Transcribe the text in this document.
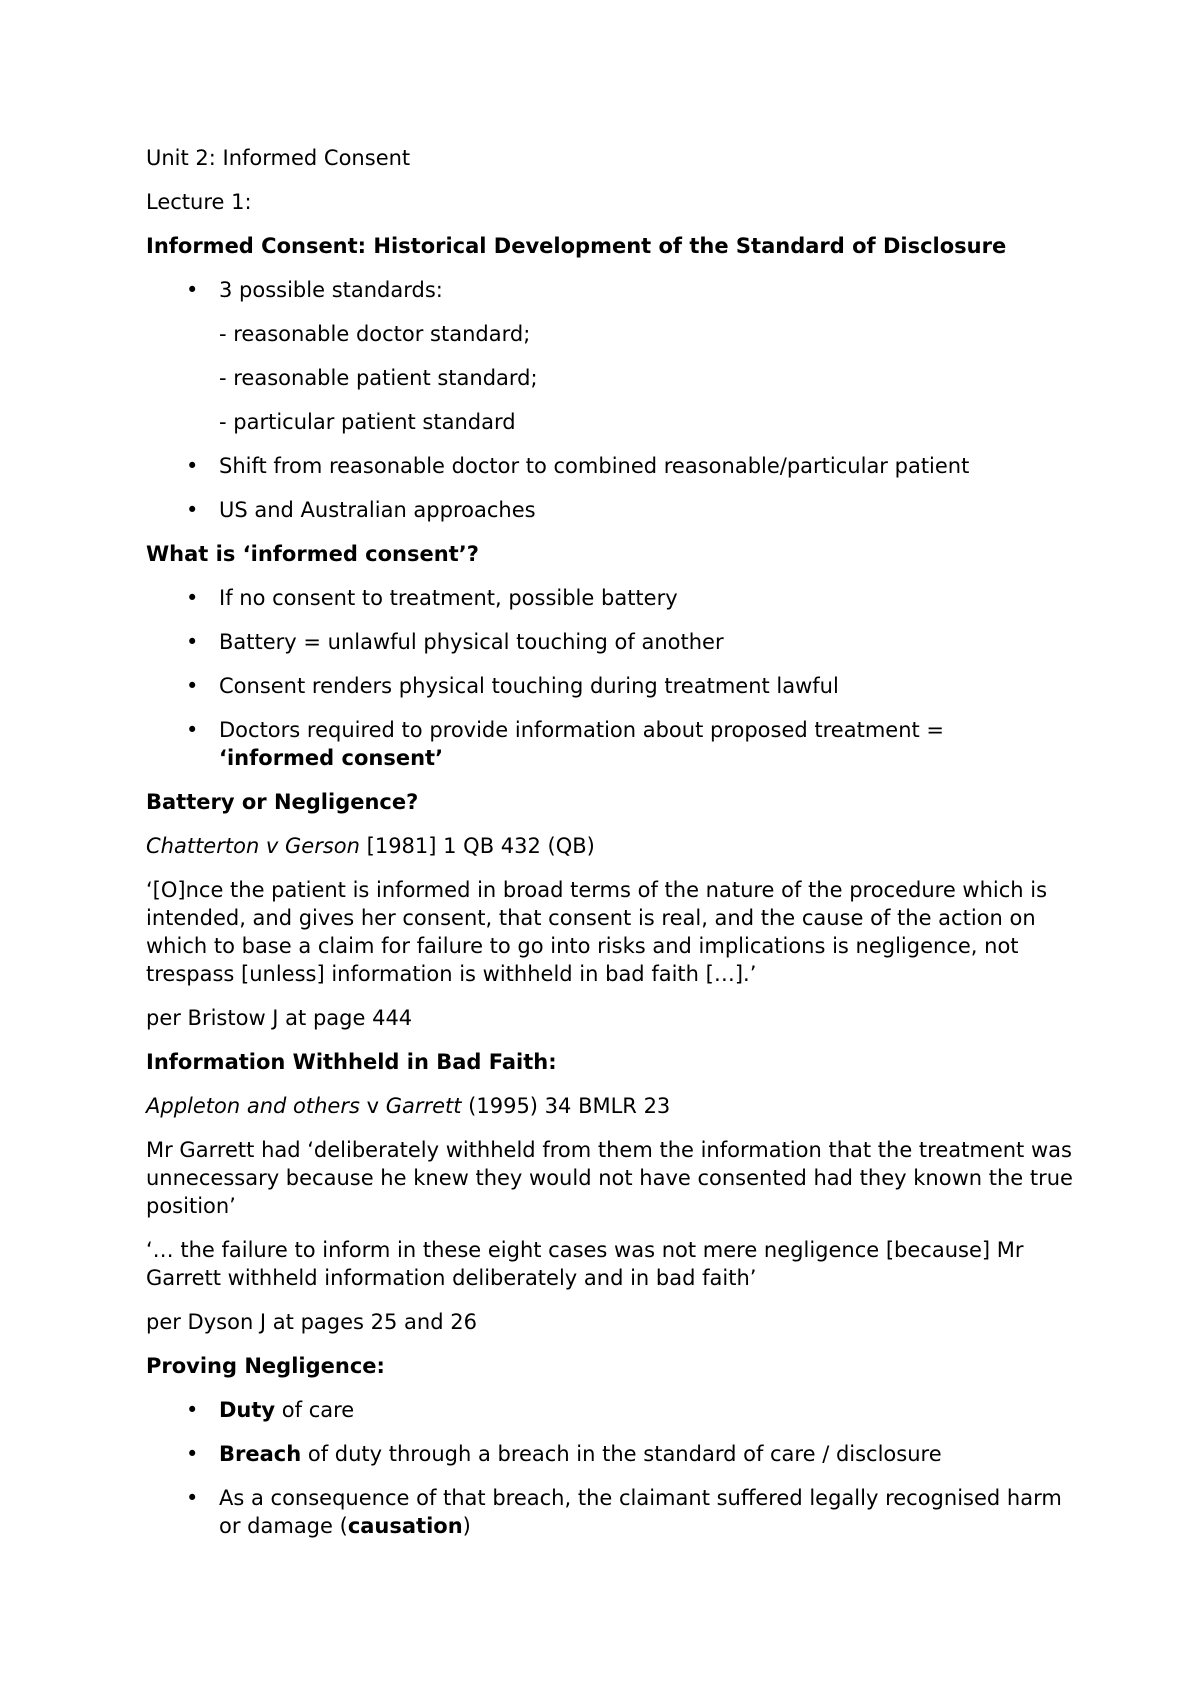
Unit 2: Informed Consent

Lecture 1:

Informed Consent: Historical Development of the Standard of Disclosure

• 3 possible standards:
- reasonable doctor standard;
- reasonable patient standard;
- particular patient standard
• Shift from reasonable doctor to combined reasonable/particular patient
• US and Australian approaches

What is ‘informed consent’?

• If no consent to treatment, possible battery
• Battery = unlawful physical touching of another
• Consent renders physical touching during treatment lawful
• Doctors required to provide information about proposed treatment =
‘informed consent’

Battery or Negligence?

Chatterton v Gerson [1981] 1 QB 432 (QB)

‘[O]nce the patient is informed in broad terms of the nature of the procedure which is intended, and gives her consent, that consent is real, and the cause of the action on which to base a claim for failure to go into risks and implications is negligence, not trespass [unless] information is withheld in bad faith […].’

per Bristow J at page 444

Information Withheld in Bad Faith:

Appleton and others v Garrett (1995) 34 BMLR 23

Mr Garrett had ‘deliberately withheld from them the information that the treatment was unnecessary because he knew they would not have consented had they known the true position’

‘… the failure to inform in these eight cases was not mere negligence [because] Mr Garrett withheld information deliberately and in bad faith’

per Dyson J at pages 25 and 26

Proving Negligence:

• Duty of care
• Breach of duty through a breach in the standard of care / disclosure
• As a consequence of that breach, the claimant suffered legally recognised harm or damage (causation)
